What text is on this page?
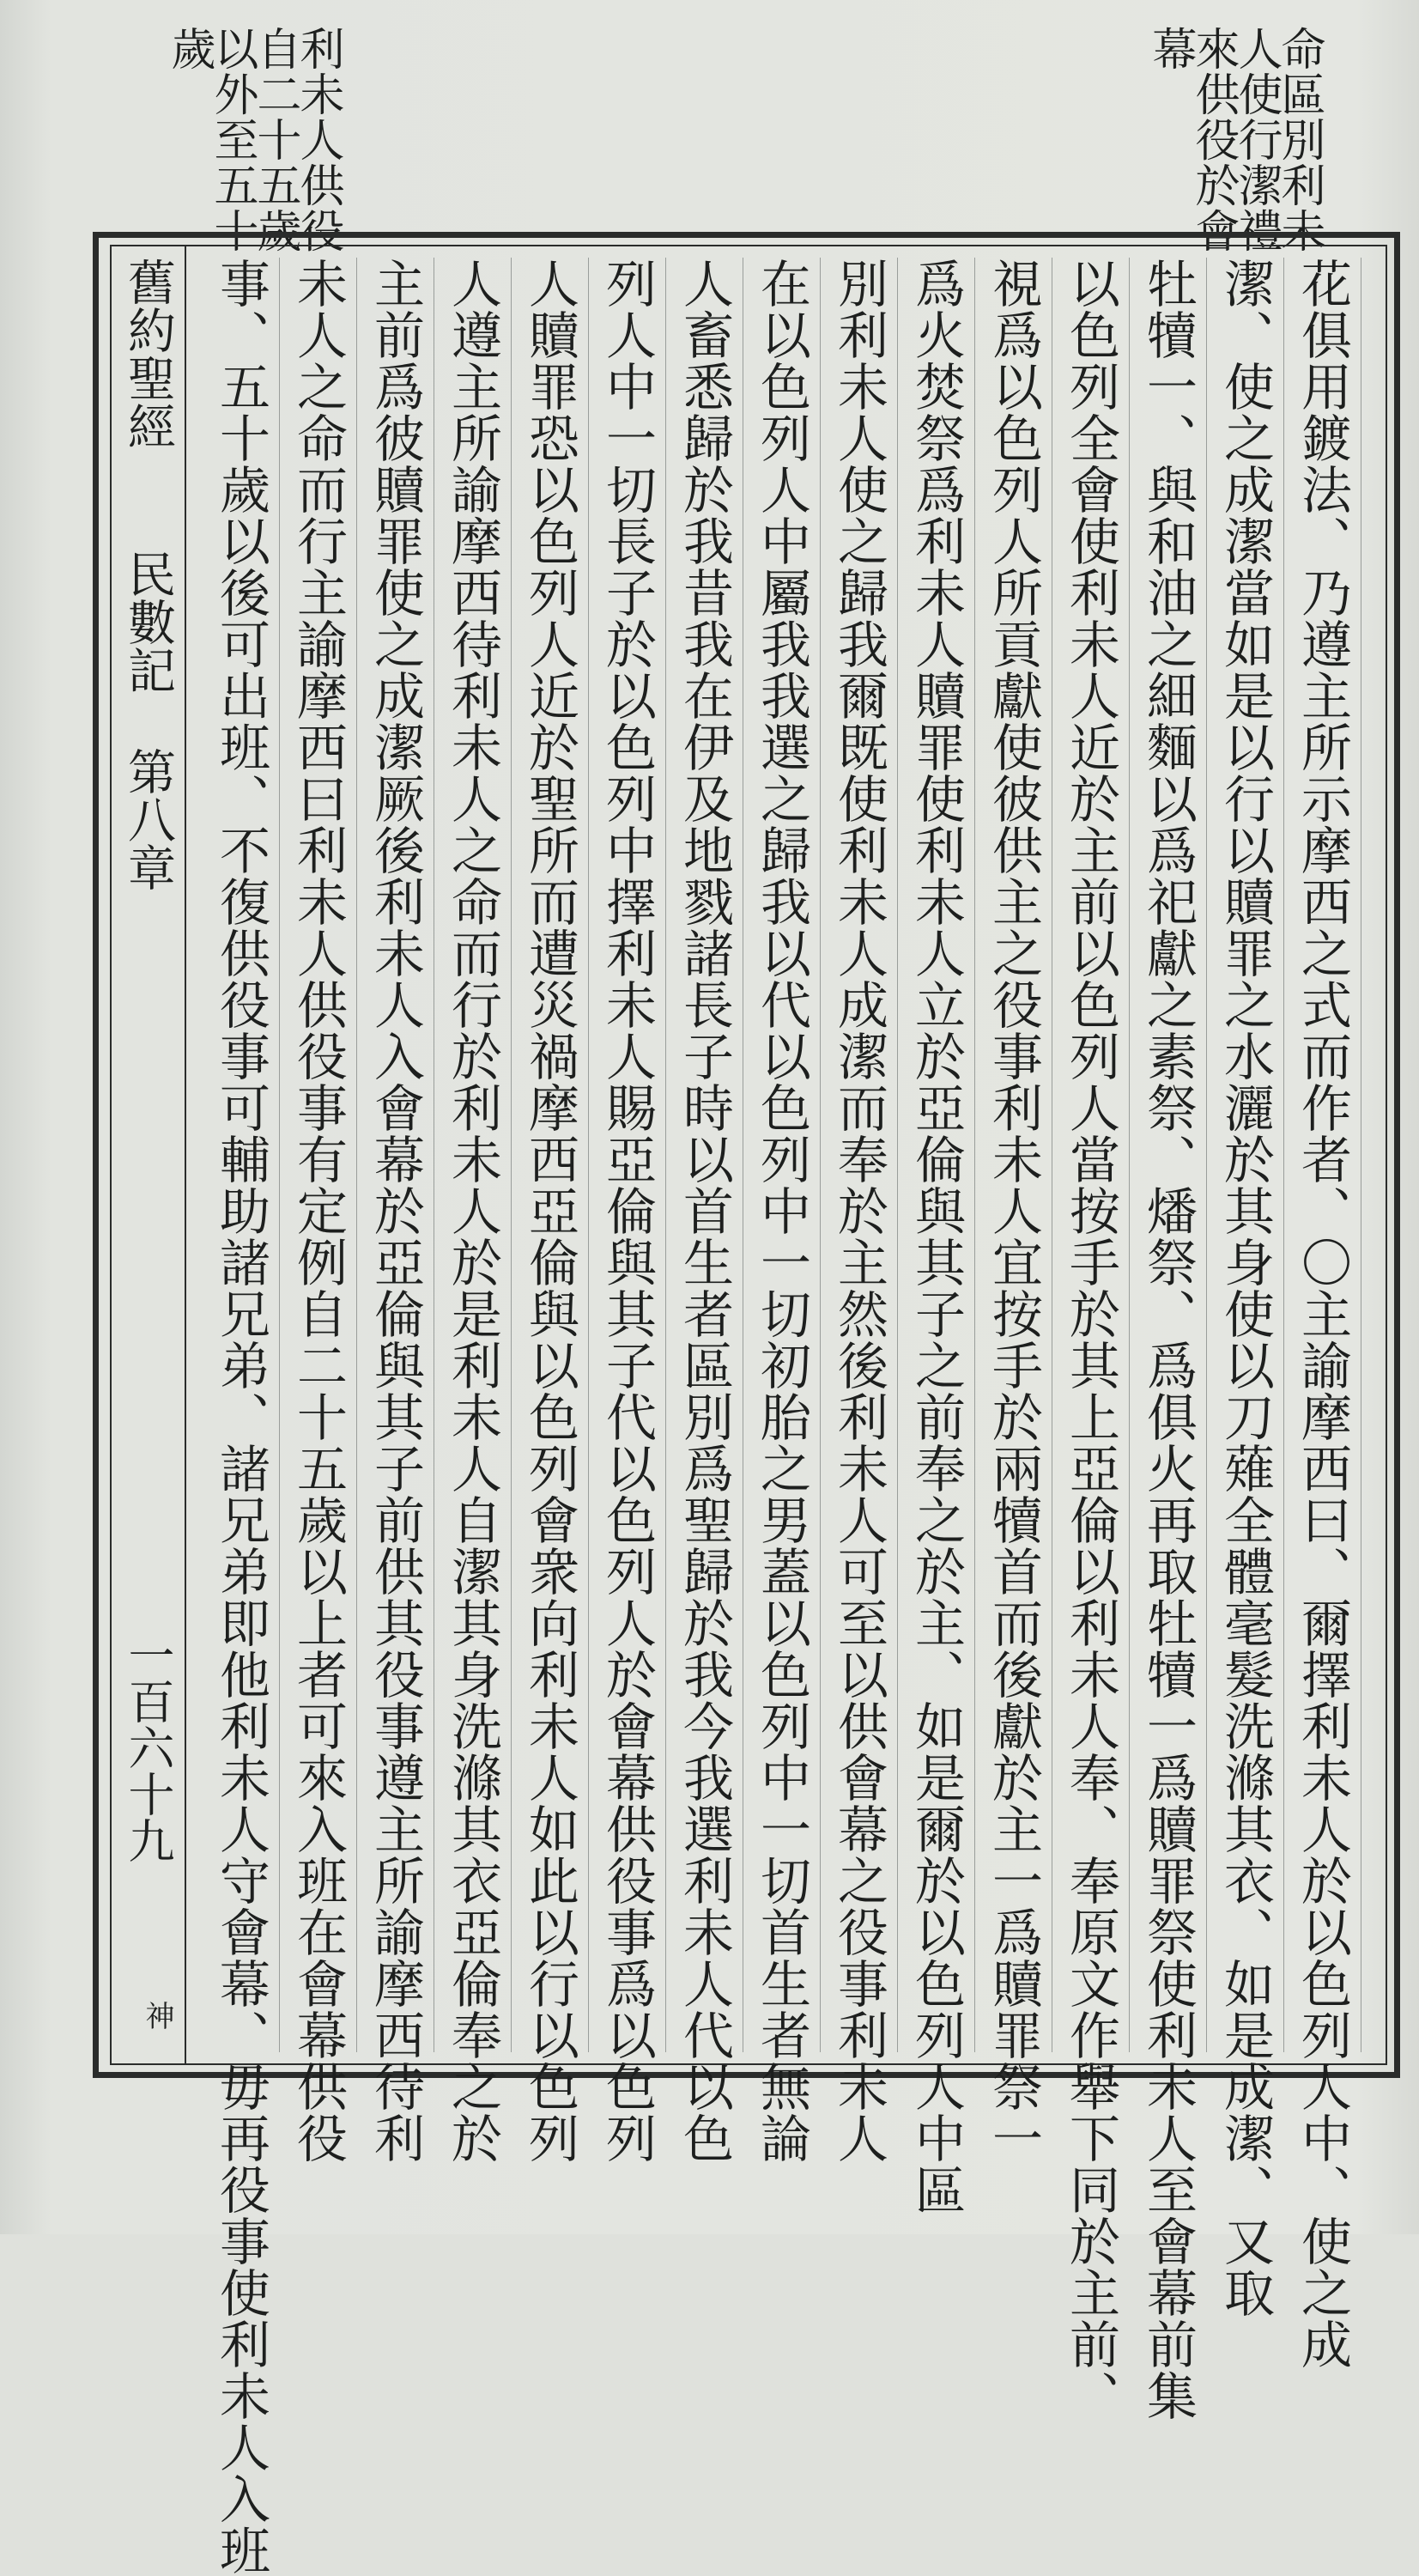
命區別利未
人使行潔禮
來供役於會
幕
利未人供役
自二十五歲
以外至五十
歲
花俱用鍍法、乃遵主所示摩西之式而作者、〇主諭摩西曰、爾擇利未人於以色列人中、使之成
潔、使之成潔當如是以行以贖罪之水灑於其身使以刀薙全體毫髮洗滌其衣、如是成潔、又取
牡犢一、與和油之細麵以爲祀獻之素祭、燔祭、爲俱火再取牡犢一爲贖罪祭使利未人至會幕前集
以色列全會使利未人近於主前以色列人當按手於其上亞倫以利未人奉、奉原文作舉下同於主前、
視爲以色列人所貢獻使彼供主之役事利未人宜按手於兩犢首而後獻於主一爲贖罪祭一
爲火焚祭爲利未人贖罪使利未人立於亞倫與其子之前奉之於主、如是爾於以色列人中區
別利未人使之歸我爾既使利未人成潔而奉於主然後利未人可至以供會幕之役事利未人
在以色列人中屬我我選之歸我以代以色列中一切初胎之男蓋以色列中一切首生者無論
人畜悉歸於我昔我在伊及地戮諸長子時以首生者區別爲聖歸於我今我選利未人代以色
列人中一切長子於以色列中擇利未人賜亞倫與其子代以色列人於會幕供役事爲以色列
人贖罪恐以色列人近於聖所而遭災禍摩西亞倫與以色列會衆向利未人如此以行以色列
人遵主所諭摩西待利未人之命而行於利未人於是利未人自潔其身洗滌其衣亞倫奉之於
主前爲彼贖罪使之成潔厥後利未人入會幕於亞倫與其子前供其役事遵主所諭摩西待利
未人之命而行主諭摩西曰利未人供役事有定例自二十五歲以上者可來入班在會幕供役
事、五十歲以後可出班、不復供役事可輔助諸兄弟、諸兄弟即他利未人守會幕、毋再役事使利未人入班
舊約聖經
民數記
第八章
一百六十九
神
